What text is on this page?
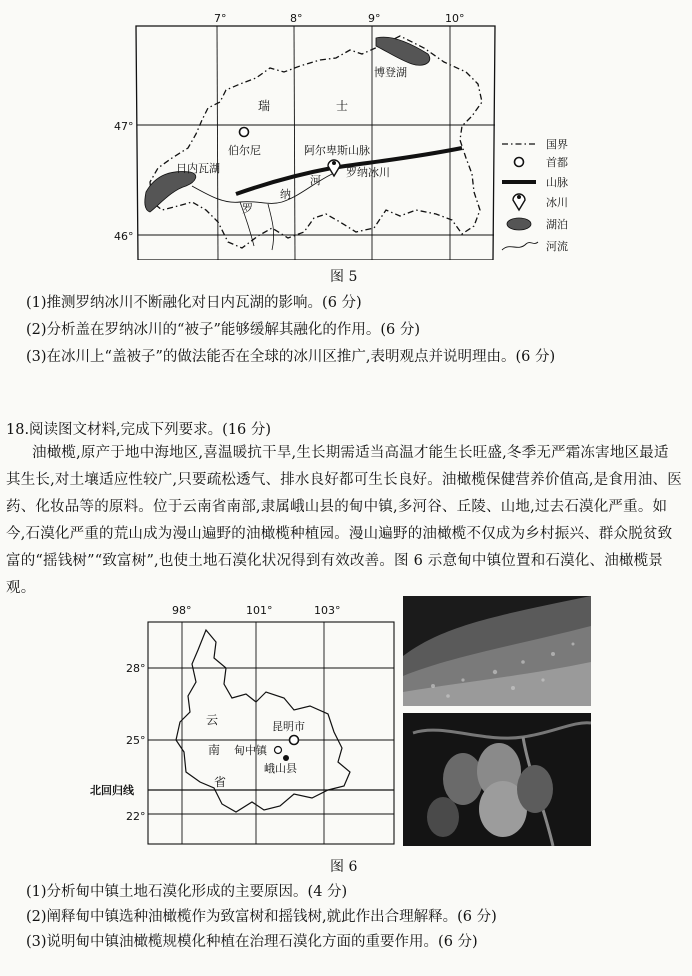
7°	8°	9°	10°
47°
46°
瑞	士
伯尔尼
日内瓦湖
博登湖
阿尔卑斯山脉
罗纳冰川
罗
纳
河
国界
首都
山脉
冰川
湖泊
河流
图 5
(1)推测罗纳冰川不断融化对日内瓦湖的影响。(6 分)
(2)分析盖在罗纳冰川的“被子”能够缓解其融化的作用。(6 分)
(3)在冰川上“盖被子”的做法能否在全球的冰川区推广,表明观点并说明理由。(6 分)
18.阅读图文材料,完成下列要求。(16 分)
油橄榄,原产于地中海地区,喜温暖抗干旱,生长期需适当高温才能生长旺盛,冬季无严霜冻害地区最适其生长,对土壤适应性较广,只要疏松透气、排水良好都可生长良好。油橄榄保健营养价值高,是食用油、医药、化妆品等的原料。位于云南省南部,隶属峨山县的甸中镇,多河谷、丘陵、山地,过去石漠化严重。如今,石漠化严重的荒山成为漫山遍野的油橄榄种植园。漫山遍野的油橄榄不仅成为乡村振兴、群众脱贫致富的“摇钱树”“致富树”,也使土地石漠化状况得到有效改善。图 6 示意甸中镇位置和石漠化、油橄榄景观。
98°	101°	103°
28°
25°
22°
北回归线
云
南
省
昆明市
甸中镇
峨山县
图 6
(1)分析甸中镇土地石漠化形成的主要原因。(4 分)
(2)阐释甸中镇选种油橄榄作为致富树和摇钱树,就此作出合理解释。(6 分)
(3)说明甸中镇油橄榄规模化种植在治理石漠化方面的重要作用。(6 分)
